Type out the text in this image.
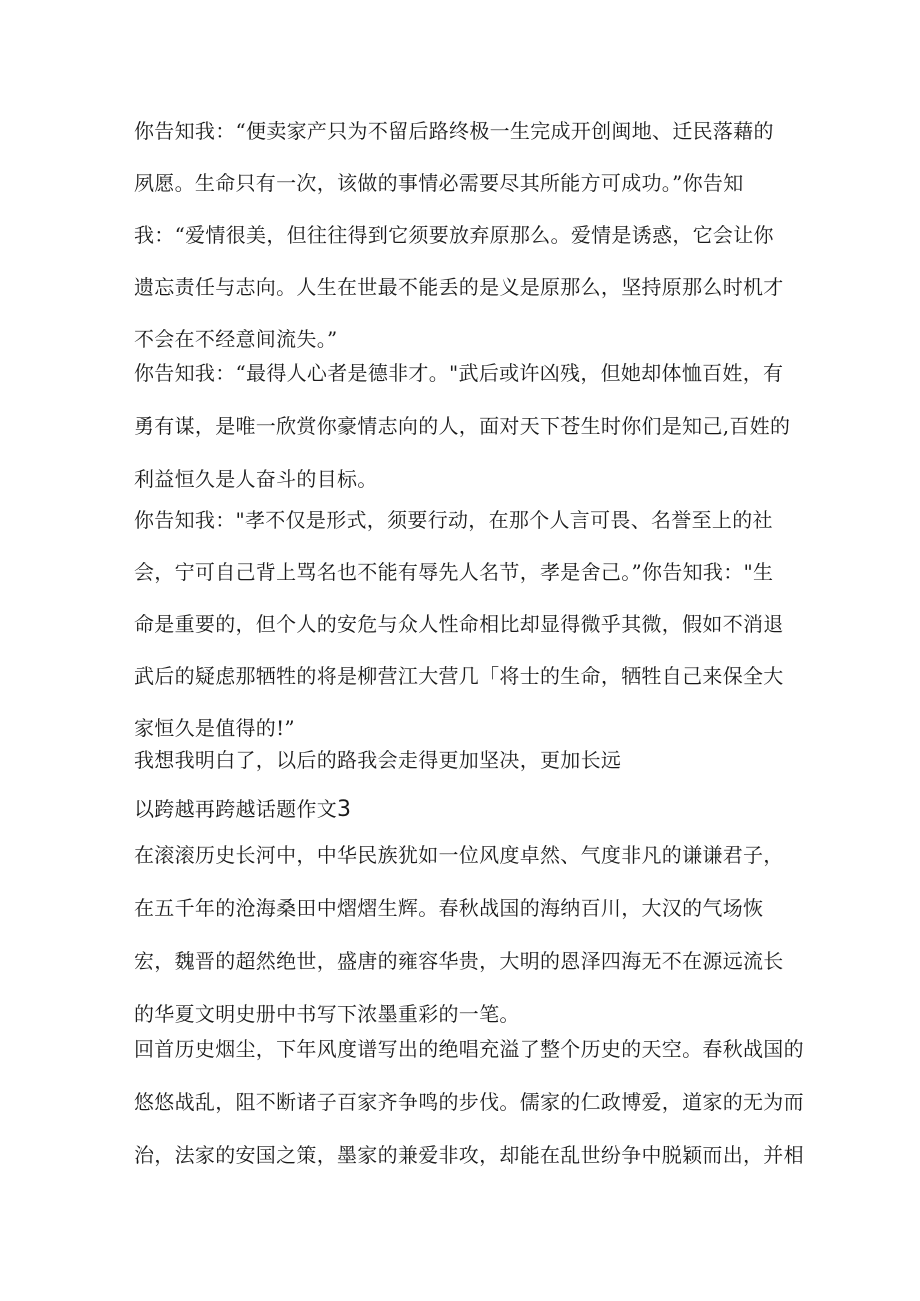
你告知我：“便卖家产只为不留后路终极一生完成开创闽地、迁民落藉的
夙愿。生命只有一次，该做的事情必需要尽其所能方可成功。”你告知
我：“爱情很美，但往往得到它须要放弃原那么。爱情是诱惑，它会让你
遗忘责任与志向。人生在世最不能丢的是义是原那么，坚持原那么时机才
不会在不经意间流失。”
你告知我：“最得人心者是德非才。"武后或许凶残，但她却体恤百姓，有
勇有谋，是唯一欣赏你豪情志向的人，面对天下苍生时你们是知己,百姓的
利益恒久是人奋斗的目标。
你告知我："孝不仅是形式，须要行动，在那个人言可畏、名誉至上的社
会，宁可自己背上骂名也不能有辱先人名节，孝是舍己。”你告知我："生
命是重要的，但个人的安危与众人性命相比却显得微乎其微，假如不消退
武后的疑虑那牺牲的将是柳营江大营几「将士的生命，牺牲自己来保全大
家恒久是值得的!”
我想我明白了，以后的路我会走得更加坚决，更加长远
以跨越再跨越话题作文3
在滚滚历史长河中，中华民族犹如一位风度卓然、气度非凡的谦谦君子，
在五千年的沧海桑田中熠熠生辉。春秋战国的海纳百川，大汉的气场恢
宏，魏晋的超然绝世，盛唐的雍容华贵，大明的恩泽四海无不在源远流长
的华夏文明史册中书写下浓墨重彩的一笔。
回首历史烟尘，下年风度谱写出的绝唱充溢了整个历史的天空。春秋战国的
悠悠战乱，阻不断诸子百家齐争鸣的步伐。儒家的仁政博爱，道家的无为而
治，法家的安国之策，墨家的兼爱非攻，却能在乱世纷争中脱颖而出，并相
